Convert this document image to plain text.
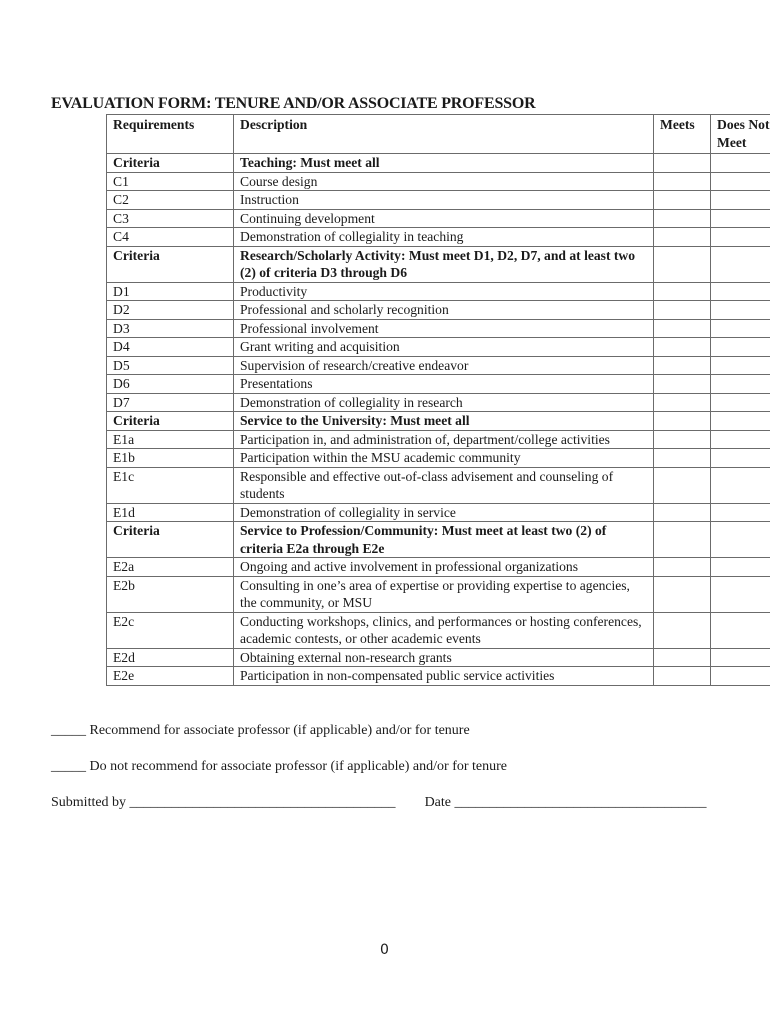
EVALUATION FORM: TENURE AND/OR ASSOCIATE PROFESSOR
Requirements	Description	Meets	Does Not Meet
Criteria	Teaching: Must meet all		
C1	Course design		
C2	Instruction		
C3	Continuing development		
C4	Demonstration of collegiality in teaching		
Criteria	Research/Scholarly Activity: Must meet D1, D2, D7, and at least two (2) of criteria D3 through D6		
D1	Productivity		
D2	Professional and scholarly recognition		
D3	Professional involvement		
D4	Grant writing and acquisition		
D5	Supervision of research/creative endeavor		
D6	Presentations		
D7	Demonstration of collegiality in research		
Criteria	Service to the University: Must meet all		
E1a	Participation in, and administration of, department/college activities		
E1b	Participation within the MSU academic community		
E1c	Responsible and effective out-of-class advisement and counseling of students		
E1d	Demonstration of collegiality in service		
Criteria	Service to Profession/Community: Must meet at least two (2) of criteria E2a through E2e		
E2a	Ongoing and active involvement in professional organizations		
E2b	Consulting in one’s area of expertise or providing expertise to agencies, the community, or MSU		
E2c	Conducting workshops, clinics, and performances or hosting conferences, academic contests, or other academic events		
E2d	Obtaining external non-research grants		
E2e	Participation in non-compensated public service activities		
_____ Recommend for associate professor (if applicable) and/or for tenure
_____ Do not recommend for associate professor (if applicable) and/or for tenure
Submitted by ______________________________________ Date ____________________________________
0
